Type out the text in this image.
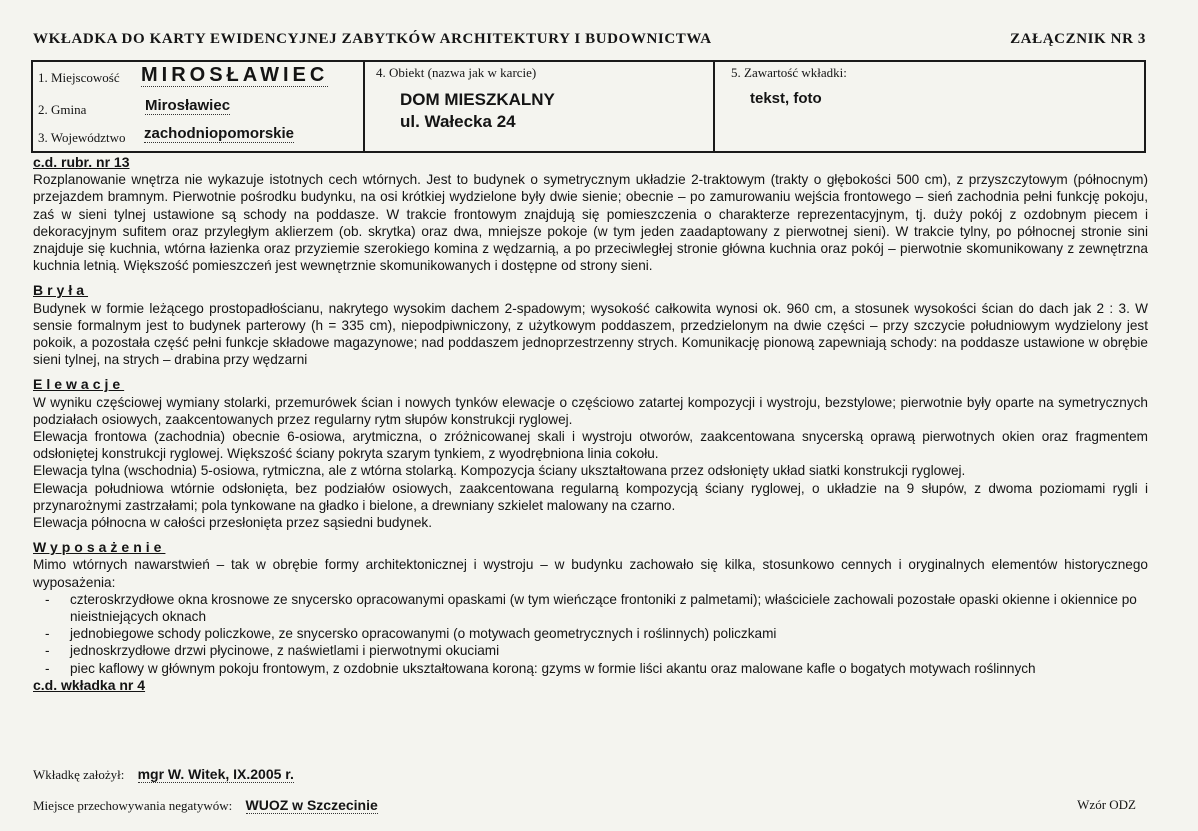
WKŁADKA DO KARTY EWIDENCYJNEJ ZABYTKÓW ARCHITEKTURY I BUDOWNICTWA	ZAŁĄCZNIK NR 3
1. Miejscowość MIROSŁAWIEC
2. Gmina	Mirosławiec
3. Województwo zachodniopomorskie
4. Obiekt (nazwa jak w karcie)
DOM MIESZKALNY
ul. Wałecka 24
5. Zawartość wkładki:
tekst, foto

c.d. rubr. nr 13

Rozplanowanie wnętrza nie wykazuje istotnych cech wtórnych. Jest to budynek o symetrycznym układzie 2-traktowym (trakty o głębokości 500 cm), z przyszczytowym (północnym) przejazdem bramnym. Pierwotnie pośrodku budynku, na osi krótkiej wydzielone były dwie sienie; obecnie – po zamurowaniu wejścia frontowego – sień zachodnia pełni funkcję pokoju, zaś w sieni tylnej ustawione są schody na poddasze. W trakcie frontowym znajdują się pomieszczenia o charakterze reprezentacyjnym, tj. duży pokój z ozdobnym piecem i dekoracyjnym sufitem oraz przyległym aklierzem (ob. skrytka) oraz dwa, mniejsze pokoje (w tym jeden zaadaptowany z pierwotnej sieni). W trakcie tylny, po północnej stronie sini znajduje się kuchnia, wtórna łazienka oraz przyziemie szerokiego komina z wędzarnią, a po przeciwległej stronie główna kuchnia oraz pokój – pierwotnie skomunikowany z zewnętrzna kuchnia letnią. Większość pomieszczeń jest wewnętrznie skomunikowanych i dostępne od strony sieni.

Bryła

Budynek w formie leżącego prostopadłościanu, nakrytego wysokim dachem 2-spadowym; wysokość całkowita wynosi ok. 960 cm, a stosunek wysokości ścian do dach jak 2 : 3. W sensie formalnym jest to budynek parterowy (h = 335 cm), niepodpiwniczony, z użytkowym poddaszem, przedzielonym na dwie części – przy szczycie południowym wydzielony jest pokoik, a pozostała część pełni funkcje składowe magazynowe; nad poddaszem jednoprzestrzenny strych. Komunikację pionową zapewniają schody: na poddasze ustawione w obrębie sieni tylnej, na strych – drabina przy wędzarni

Elewacje

W wyniku częściowej wymiany stolarki, przemurówek ścian i nowych tynków elewacje o częściowo zatartej kompozycji i wystroju, bezstylowe; pierwotnie były oparte na symetrycznych podziałach osiowych, zaakcentowanych przez regularny rytm słupów konstrukcji ryglowej.

Elewacja frontowa (zachodnia) obecnie 6-osiowa, arytmiczna, o zróżnicowanej skali i wystroju otworów, zaakcentowana snycerską oprawą pierwotnych okien oraz fragmentem odsłoniętej konstrukcji ryglowej. Większość ściany pokryta szarym tynkiem, z wyodrębniona linia cokołu.

Elewacja tylna (wschodnia) 5-osiowa, rytmiczna, ale z wtórna stolarką. Kompozycja ściany ukształtowana przez odsłonięty układ siatki konstrukcji ryglowej.

Elewacja południowa wtórnie odsłonięta, bez podziałów osiowych, zaakcentowana regularną kompozycją ściany ryglowej, o układzie na 9 słupów, z dwoma poziomami rygli i przynarożnymi zastrzałami; pola tynkowane na gładko i bielone, a drewniany szkielet malowany na czarno.

Elewacja północna w całości przesłonięta przez sąsiedni budynek.

Wyposażenie

Mimo wtórnych nawarstwień – tak w obrębie formy architektonicznej i wystroju – w budynku zachowało się kilka, stosunkowo cennych i oryginalnych elementów historycznego wyposażenia:

- czteroskrzydłowe okna krosnowe ze snycersko opracowanymi opaskami (w tym wieńczące frontoniki z palmetami); właściciele zachowali pozostałe opaski okienne i okiennice po nieistniejących oknach
- jednobiegowe schody policzkowe, ze snycersko opracowanymi (o motywach geometrycznych i roślinnych) policzkami
- jednoskrzydłowe drzwi płycinowe, z naświetlami i pierwotnymi okuciami
- piec kaflowy w głównym pokoju frontowym, z ozdobnie ukształtowana koroną: gzyms w formie liści akantu oraz malowane kafle o bogatych motywach roślinnych

c.d. wkładka nr 4

Wkładkę założył: mgr W. Witek, IX.2005 r.
Miejsce przechowywania negatywów: WUOZ w Szczecinie	Wzór ODZ
